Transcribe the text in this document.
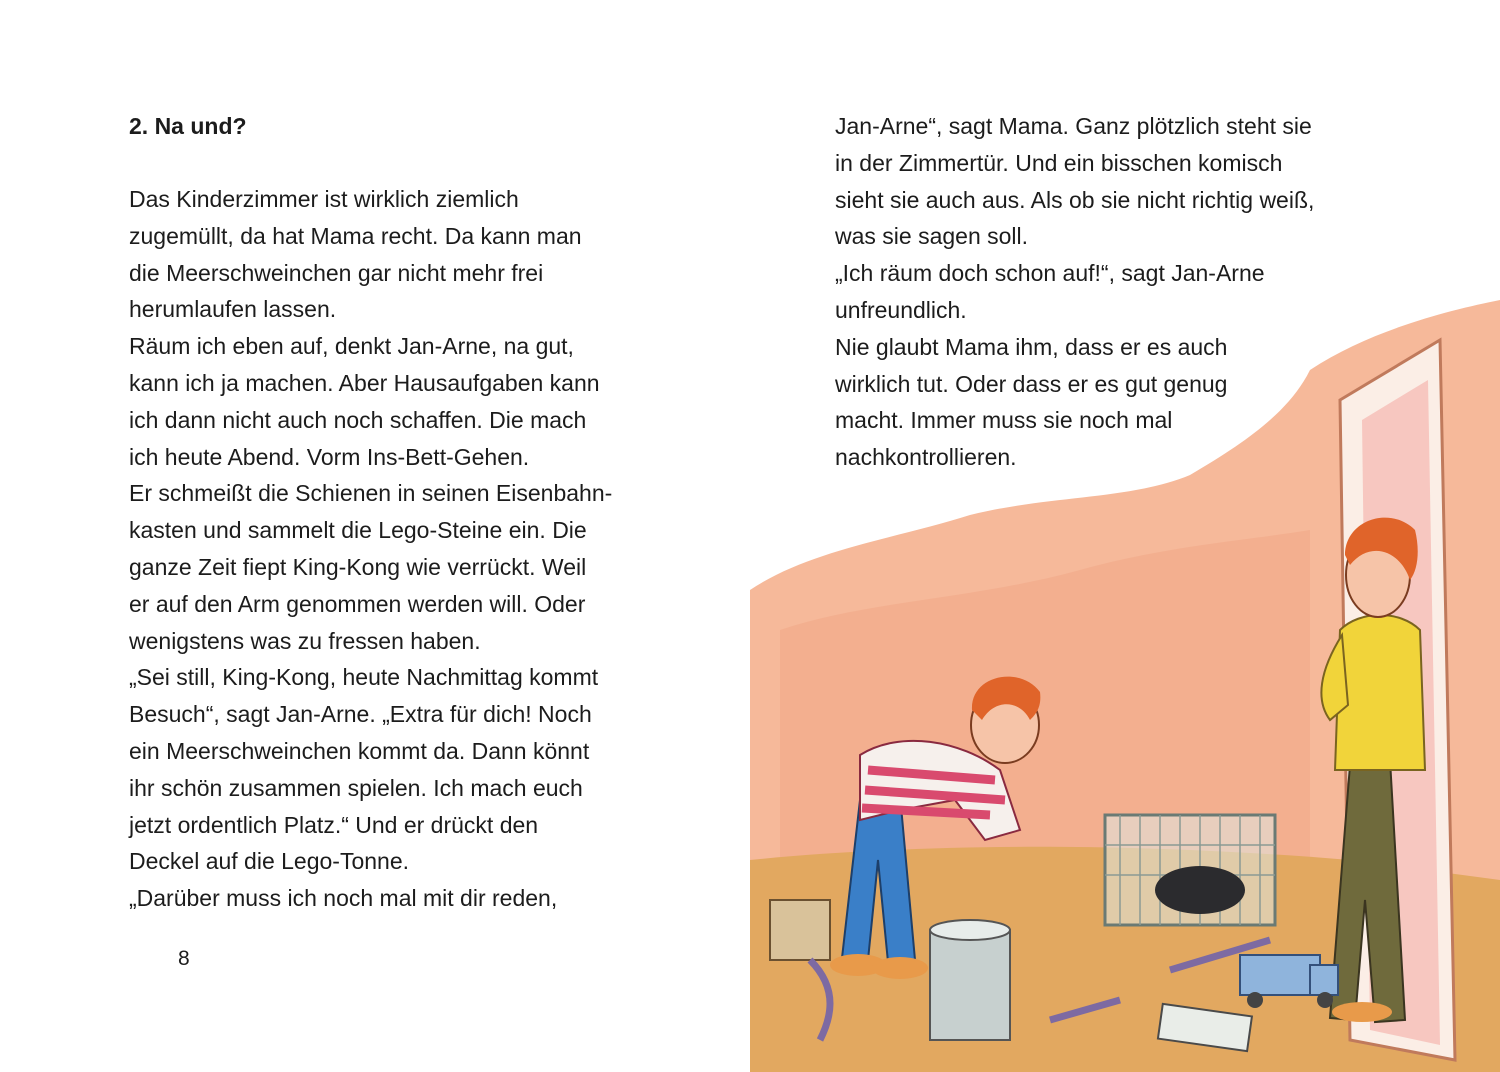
2. Na und?
Das Kinderzimmer ist wirklich ziemlich
zugemüllt, da hat Mama recht. Da kann man
die Meerschweinchen gar nicht mehr frei
herumlaufen lassen.
Räum ich eben auf, denkt Jan-Arne, na gut,
kann ich ja machen. Aber Hausaufgaben kann
ich dann nicht auch noch schaffen. Die mach
ich heute Abend. Vorm Ins-Bett-Gehen.
Er schmeißt die Schienen in seinen Eisenbahn-
kasten und sammelt die Lego-Steine ein. Die
ganze Zeit fiept King-Kong wie verrückt. Weil
er auf den Arm genommen werden will. Oder
wenigstens was zu fressen haben.
„Sei still, King-Kong, heute Nachmittag kommt
Besuch“, sagt Jan-Arne. „Extra für dich! Noch
ein Meerschweinchen kommt da. Dann könnt
ihr schön zusammen spielen. Ich mach euch
jetzt ordentlich Platz.“ Und er drückt den
Deckel auf die Lego-Tonne.
„Darüber muss ich noch mal mit dir reden,
8
Jan-Arne“, sagt Mama. Ganz plötzlich steht sie
in der Zimmertür. Und ein bisschen komisch
sieht sie auch aus. Als ob sie nicht richtig weiß,
was sie sagen soll.
„Ich räum doch schon auf!“, sagt Jan-Arne
unfreundlich.
Nie glaubt Mama ihm, dass er es auch
wirklich tut. Oder dass er es gut genug
macht. Immer muss sie noch mal
nachkontrollieren.
